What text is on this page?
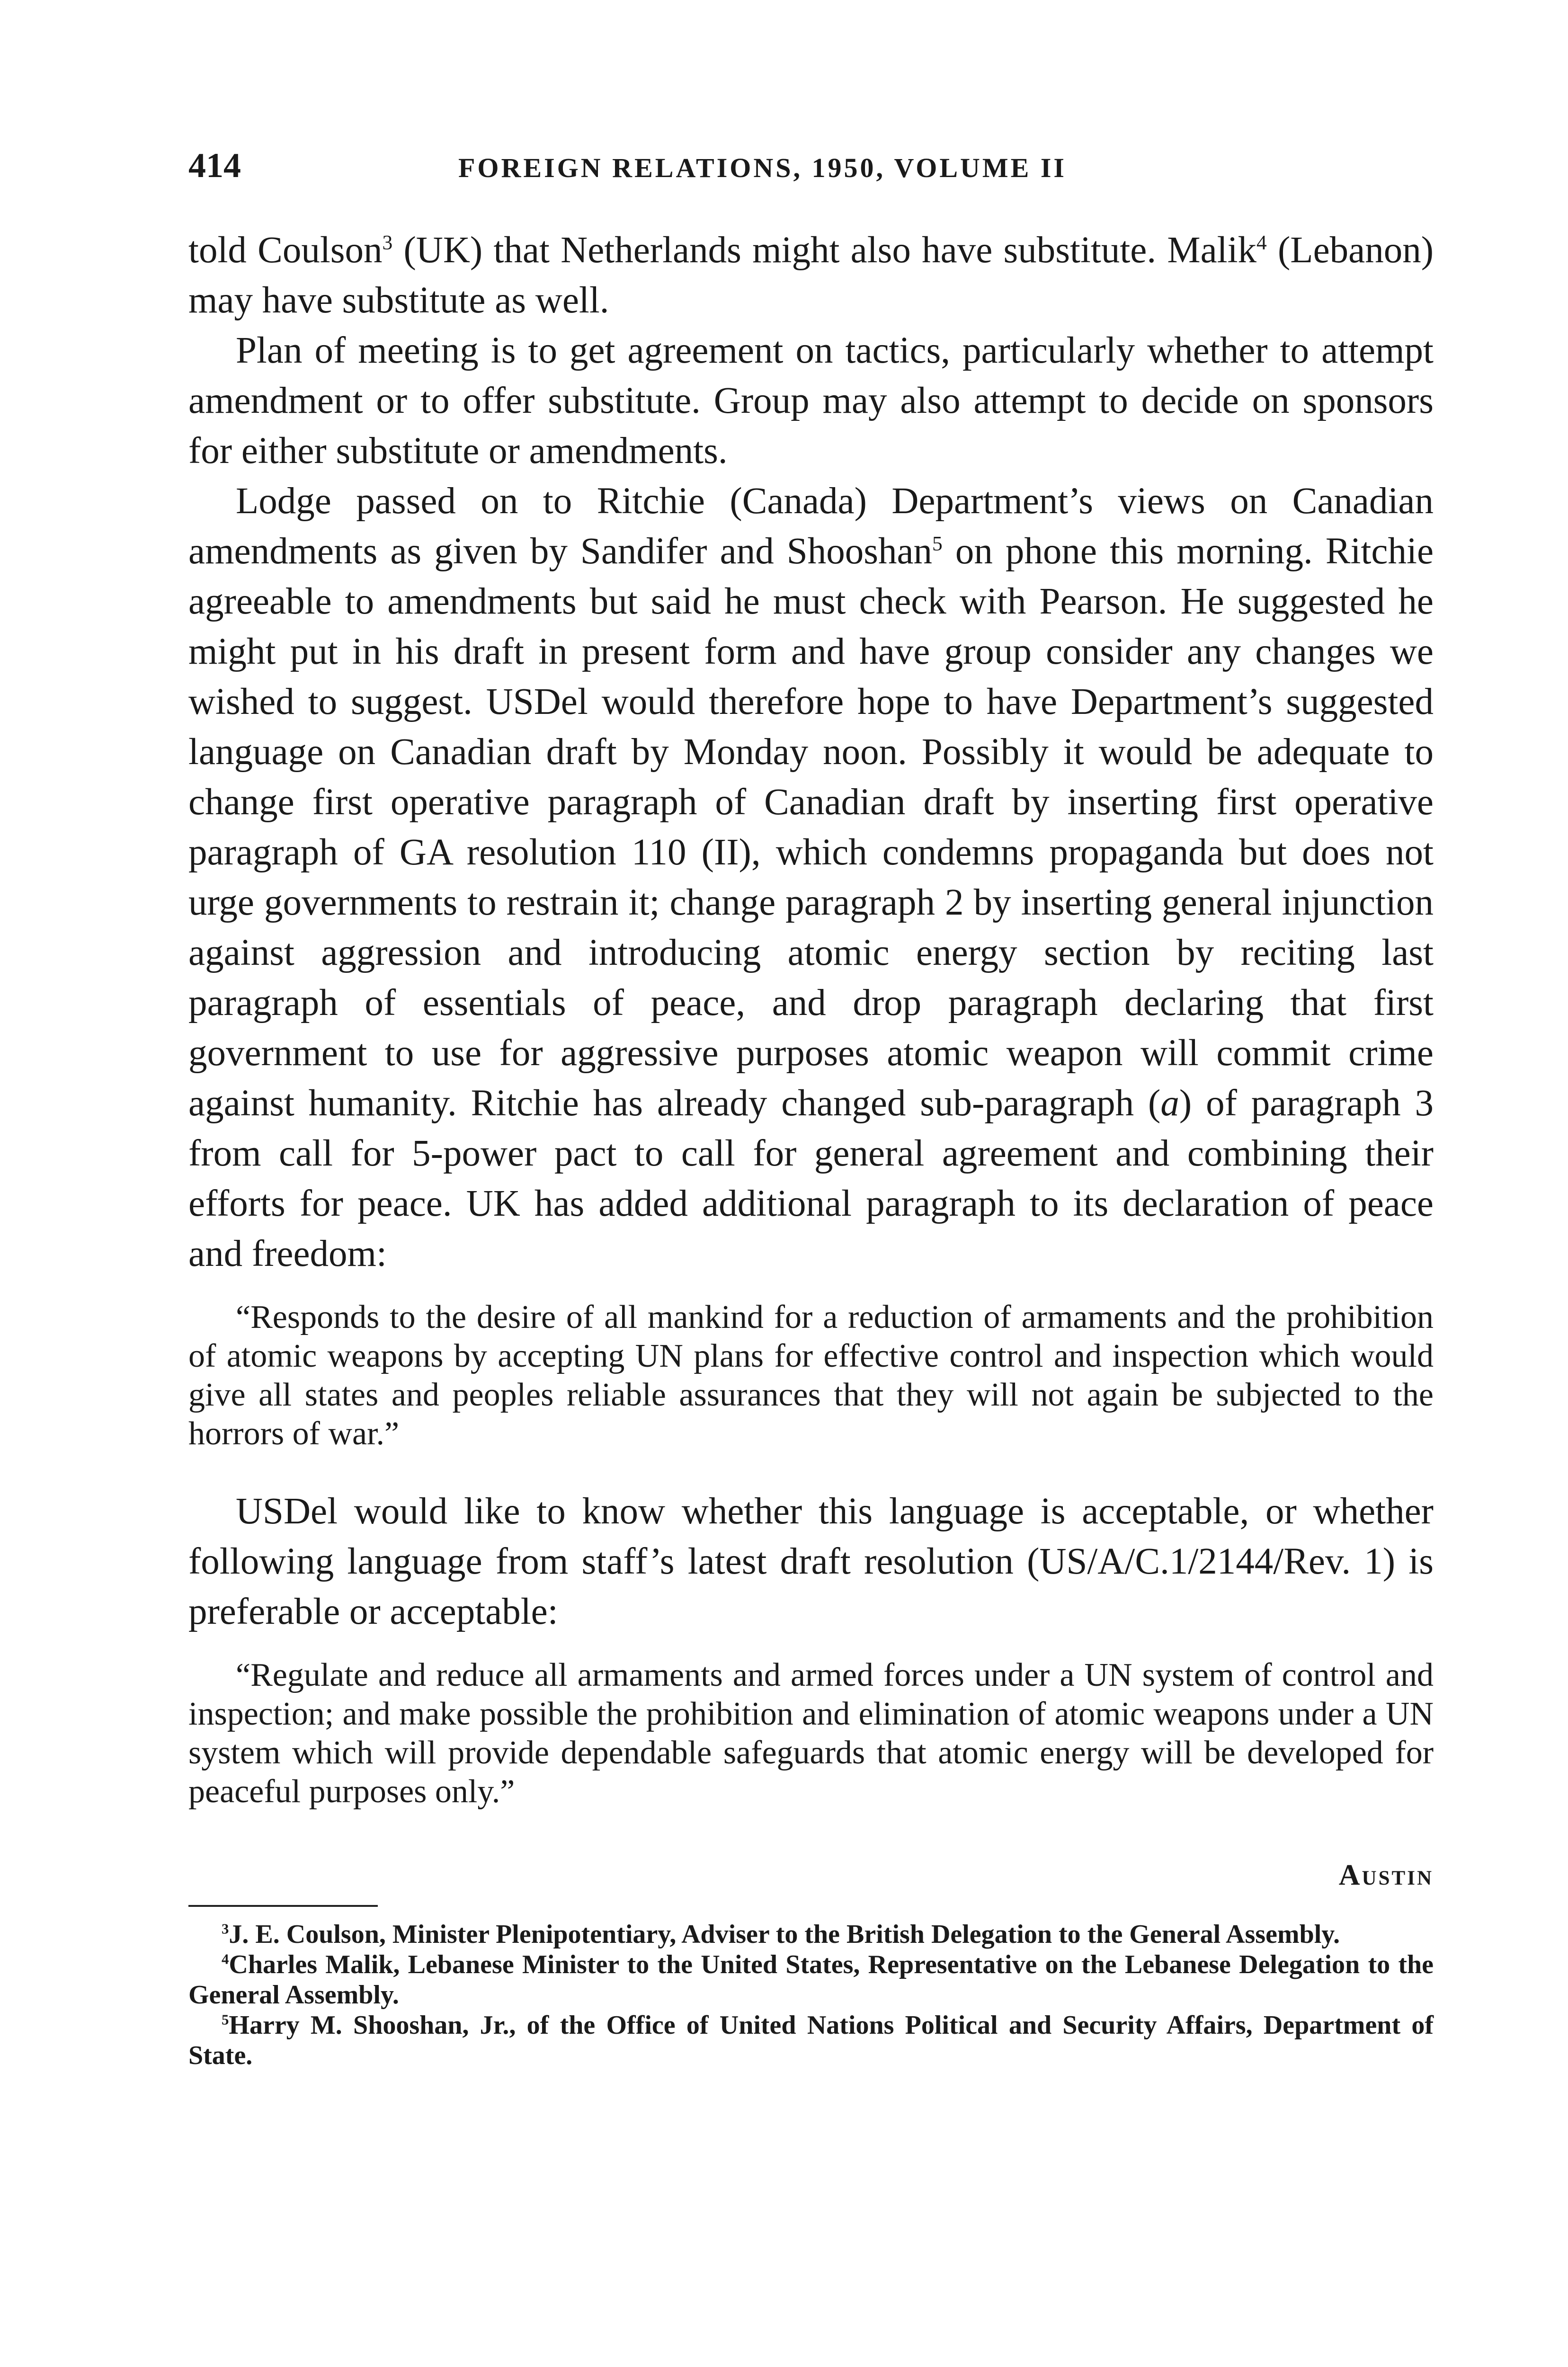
414	FOREIGN RELATIONS, 1950, VOLUME II

told Coulson$^3$ (UK) that Netherlands might also have substitute. Malik$^4$ (Lebanon) may have substitute as well.

Plan of meeting is to get agreement on tactics, particularly whether to attempt amendment or to offer substitute. Group may also attempt to decide on sponsors for either substitute or amendments.

Lodge passed on to Ritchie (Canada) Department’s views on Canadian amendments as given by Sandifer and Shooshan$^5$ on phone this morning. Ritchie agreeable to amendments but said he must check with Pearson. He suggested he might put in his draft in present form and have group consider any changes we wished to suggest. USDel would therefore hope to have Department’s suggested language on Canadian draft by Monday noon. Possibly it would be adequate to change first operative paragraph of Canadian draft by inserting first operative paragraph of GA resolution 110 (II), which condemns propaganda but does not urge governments to restrain it; change paragraph 2 by inserting general injunction against aggression and introducing atomic energy section by reciting last paragraph of essentials of peace, and drop paragraph declaring that first government to use for aggressive purposes atomic weapon will commit crime against humanity. Ritchie has already changed sub-paragraph (a) of paragraph 3 from call for 5-power pact to call for general agreement and combining their efforts for peace. UK has added additional paragraph to its declaration of peace and freedom:

“Responds to the desire of all mankind for a reduction of armaments and the prohibition of atomic weapons by accepting UN plans for effective control and inspection which would give all states and peoples reliable assurances that they will not again be subjected to the horrors of war.”

USDel would like to know whether this language is acceptable, or whether following language from staff’s latest draft resolution (US/A/C.1/2144/Rev. 1) is preferable or acceptable:

“Regulate and reduce all armaments and armed forces under a UN system of control and inspection; and make possible the prohibition and elimination of atomic weapons under a UN system which will provide dependable safeguards that atomic energy will be developed for peaceful purposes only.”

Austin

$^3$J. E. Coulson, Minister Plenipotentiary, Adviser to the British Delegation to the General Assembly.

$^4$Charles Malik, Lebanese Minister to the United States, Representative on the Lebanese Delegation to the General Assembly.

$^5$Harry M. Shooshan, Jr., of the Office of United Nations Political and Security Affairs, Department of State.
